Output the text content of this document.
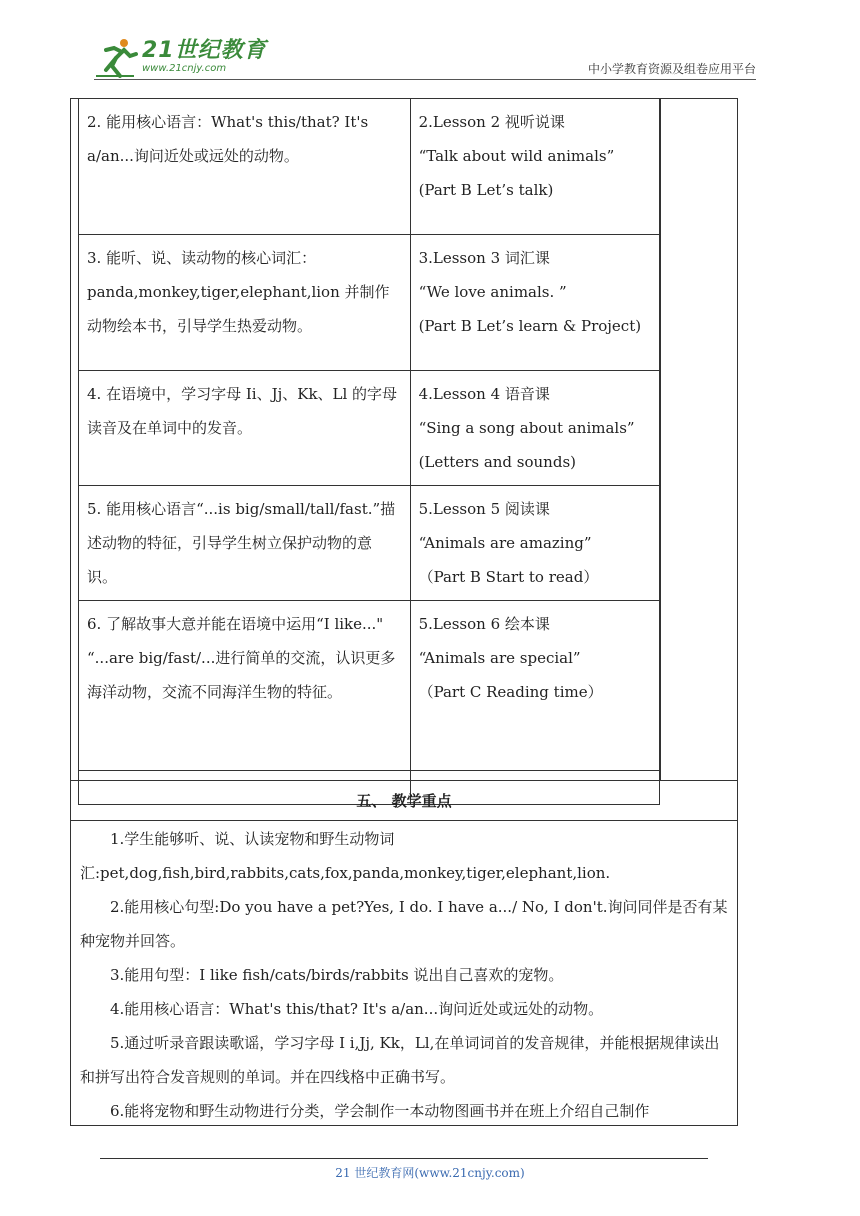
21世纪教育
www.21cnjy.com	中小学教育资源及组卷应用平台
2. 能用核心语言：What's this/that? It's a/an...询问近处或远处的动物。	2.Lesson 2 视听说课
“Talk about wild animals”
(Part B Let’s talk)

3. 能听、说、读动物的核心词汇：panda,monkey,tiger,elephant,lion 并制作动物绘本书，引导学生热爱动物。	3.Lesson 3 词汇课
“We love animals. ”
(Part B Let’s learn & Project)

4. 在语境中，学习字母 Ii、Jj、Kk、Ll 的字母读音及在单词中的发音。	4.Lesson 4 语音课
“Sing a song about animals”
(Letters and sounds)

5. 能用核心语言“...is big/small/tall/fast.”描述动物的特征，引导学生树立保护动物的意识。	5.Lesson 5 阅读课
“Animals are amazing”
（Part B Start to read）

6. 了解故事大意并能在语境中运用“I like..." “...are big/fast/...进行简单的交流，认识更多海洋动物，交流不同海洋生物的特征。	5.Lesson 6 绘本课
“Animals are special”
（Part C Reading time）

五、 教学重点

1.学生能够听、说、认读宠物和野生动物词汇:pet,dog,fish,bird,rabbits,cats,fox,panda,monkey,tiger,elephant,lion.

2.能用核心句型:Do you have a pet?Yes, I do. I have a.../ No, I don't.询问同伴是否有某种宠物并回答。

3.能用句型：I like fish/cats/birds/rabbits 说出自己喜欢的宠物。

4.能用核心语言：What's this/that? It's a/an...询问近处或远处的动物。

5.通过听录音跟读歌谣，学习字母 I i,Jj, Kk，Ll,在单词词首的发音规律，并能根据规律读出和拼写出符合发音规则的单词。并在四线格中正确书写。

6.能将宠物和野生动物进行分类，学会制作一本动物图画书并在班上介绍自己制作

21 世纪教育网(www.21cnjy.com)
